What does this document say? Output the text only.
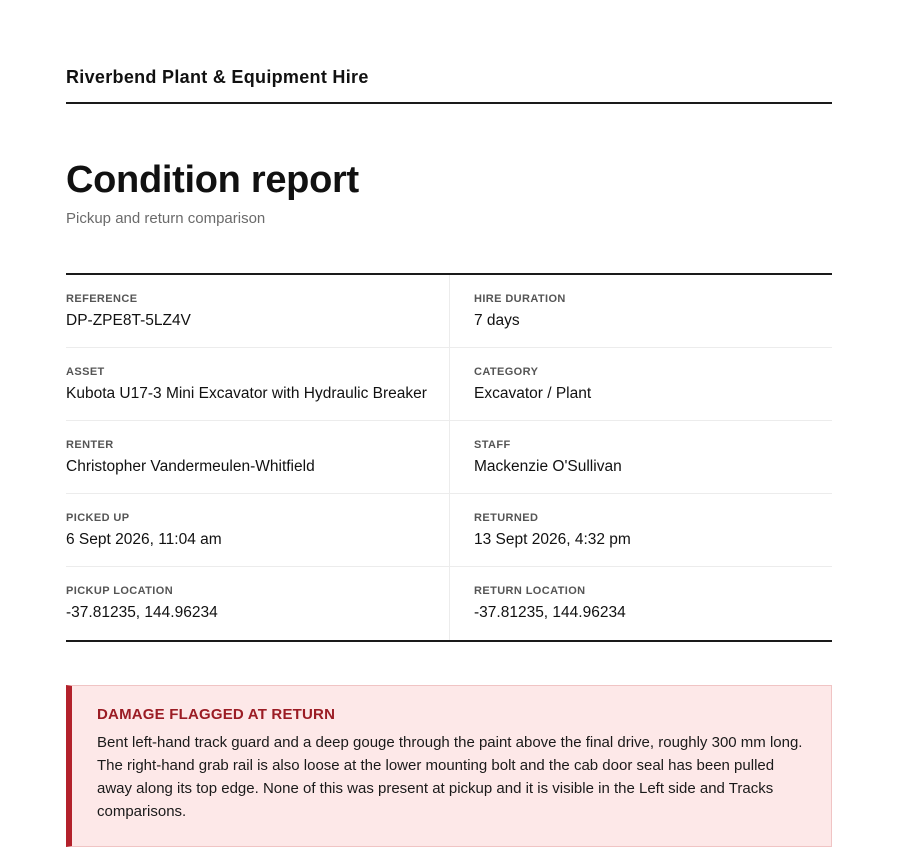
Riverbend Plant & Equipment Hire
Condition report
Pickup and return comparison
REFERENCE
DP-ZPE8T-5LZ4V
HIRE DURATION
7 days
ASSET
Kubota U17-3 Mini Excavator with Hydraulic Breaker
CATEGORY
Excavator / Plant
RENTER
Christopher Vandermeulen-Whitfield
STAFF
Mackenzie O'Sullivan
PICKED UP
6 Sept 2026, 11:04 am
RETURNED
13 Sept 2026, 4:32 pm
PICKUP LOCATION
-37.81235, 144.96234
RETURN LOCATION
-37.81235, 144.96234
DAMAGE FLAGGED AT RETURN
Bent left-hand track guard and a deep gouge through the paint above the final drive, roughly 300 mm long. The right-hand grab rail is also loose at the lower mounting bolt and the cab door seal has been pulled away along its top edge. None of this was present at pickup and it is visible in the Left side and Tracks comparisons.
